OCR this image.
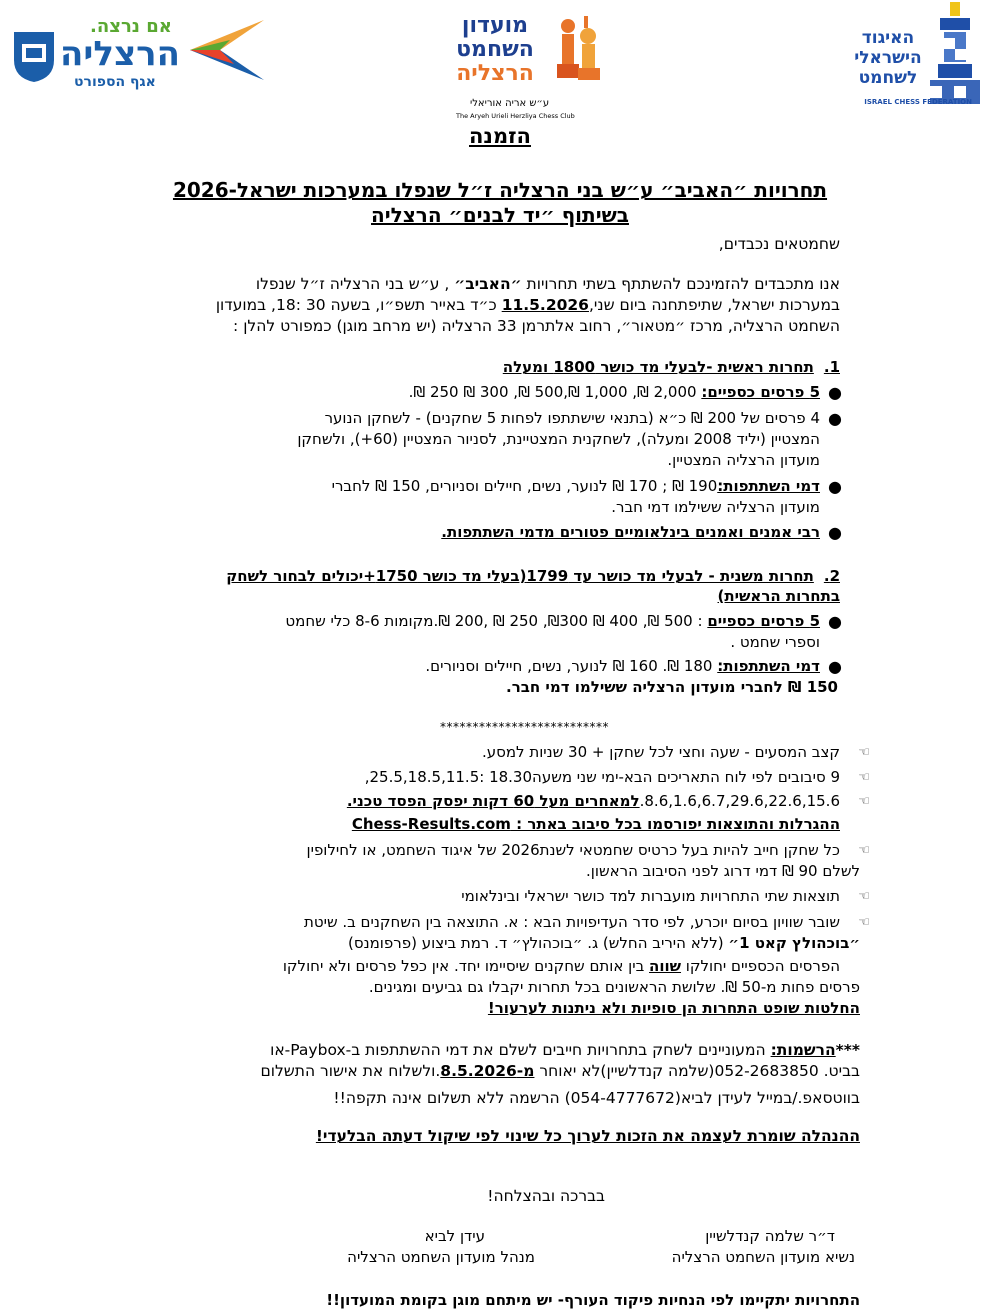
האיגוד
הישראלי
לשחמט
ISRAEL CHESS FEDERATION
מועדון
השחמט
הרצליה
ע״ש אריה אוריאלי
The Aryeh Urieli Herzliya Chess Club
הרצליה	אם נרצה.
הרצליה
אגף הספורט
הזמנה
תחרויות ״האביב״ ע״ש בני הרצליה ז״ל שנפלו במערכות ישראל-2026
בשיתוף ״יד לבנים״ הרצליה
שחמטאים נכבדים,
אנו מתכבדים להזמינכם להשתתף בשתי תחרויות ״האביב״ , ע״ש בני הרצליה ז״ל שנפלו
במערכות ישראל, שתיפתחנה ביום שני,11.5.2026 כ״ד באייר תשפ״ו, בשעה 30 :18, במועדון
השחמט הרצליה, מרכז ״מטאור״, רחוב אלתרמן 33 הרצליה (יש מרחב מוגן) כמפורט להלן :
1.תחרות ראשית -לבעלי מד כושר 1800 ומעלה
●
5 פרסים כספיים: 2,000 ₪, 1,000 ₪,500 ₪, 300 ₪ 250 ₪.
●
4 פרסים של 200 ₪ כ״א (בתנאי שישתתפו לפחות 5 שחקנים) - לשחקן הנוער
המצטיין (יליד 2008 ומעלה), לשחקנית המצטיינת, לסניור המצטיין (60+), ולשחקן
מועדון הרצליה המצטיין.
●
דמי השתתפות:190 ₪ ; 170 ₪ לנוער, נשים, חיילים וסניורים, 150 ₪ לחברי
מועדון הרצליה ששילמו דמי חבר.
●
רבי אמנים ואמנים בינלאומיים פטורים מדמי השתתפות.
2.תחרות משנית - לבעלי מד כושר עד 1799(בעלי מד כושר 1750+יכולים לבחור לשחק
בתחרות הראשית)
●
5 פרסים כספיים : 500 ₪, 400 ₪ ₪300, 250 ₪ ,200 ₪.מקומות 8-6 כלי שחמט
וספרי שחמט .
●
דמי השתתפות: 180 ₪. 160 ₪ לנוער, נשים, חיילים וסניורים.
150 ₪ לחברי מועדון הרצליה ששילמו דמי חבר.
**************************
☜
קצב המסעים - שעה וחצי לכל שחקן + 30 שניות למסע.
☜
9 סיבובים לפי לוח התאריכים הבא-ימי שני משעה18.30 :25.5,18.5,11.5,
☜
8.6,1.6,6.7,29.6,22.6,15.6.למאחרים מעל 60 דקות יפסק הפסד טכני.
ההגרלות והתוצאות יפורסמו בכל סיבוב באתר : Chess-Results.com
☜
כל שחקן חייב להיות בעל כרטיס שחמטאי לשנת2026 של איגוד השחמט, או לחילופין
לשלם 90 ₪ דמי דרוג לפני הסיבוב הראשון.
☜
תוצאות שתי התחרויות מועברות למד כושר ישראלי ובינלאומי
☜
שובר שוויון בסיום יוכרע, לפי סדר העדיפויות הבא : א. התוצאה בין השחקנים ב. שיטת
״בוכהולץ קאט 1״ (ללא היריב החלש) ג. ״בוכהולץ״ ד. רמת ביצוע (פרפומנס)
הפרסים הכספיים יחולקו שווה בין אותם שחקנים שיסיימו יחד. אין כפל פרסים ולא יחולקו
פרסים פחות מ-50 ₪. שלושת הראשונים בכל תחרות יקבלו גם גביעים ומגינים.
החלטות שופט התחרות הן סופיות ולא ניתנות לערעור!
***הרשמות: המעוניינים לשחק בתחרויות חייבים לשלם את דמי ההשתתפות ב-Paybox-או
בביט. 052-2683850(שלמה קנדלשיין)לא יאוחר מ-8.5.2026.ולשלוח את אישור התשלום
בווטסאפ./במייל לעידן לביא(054-4777672) הרשמה ללא תשלום אינה תקפה!!
ההנהלה שומרת לעצמה את הזכות לערוך כל שינוי לפי שיקול דעתה הבלעדי!
בברכה ובהצלחה!
ד״ר שלמה קנדלשיין
נשיא מועדון השחמט הרצליה
עידן לביא
מנהל מועדון השחמט הרצליה
התחרויות יתקיימו לפי הנחיות פיקוד העורף- יש מיתחם מוגן בקומת המועדון!!
